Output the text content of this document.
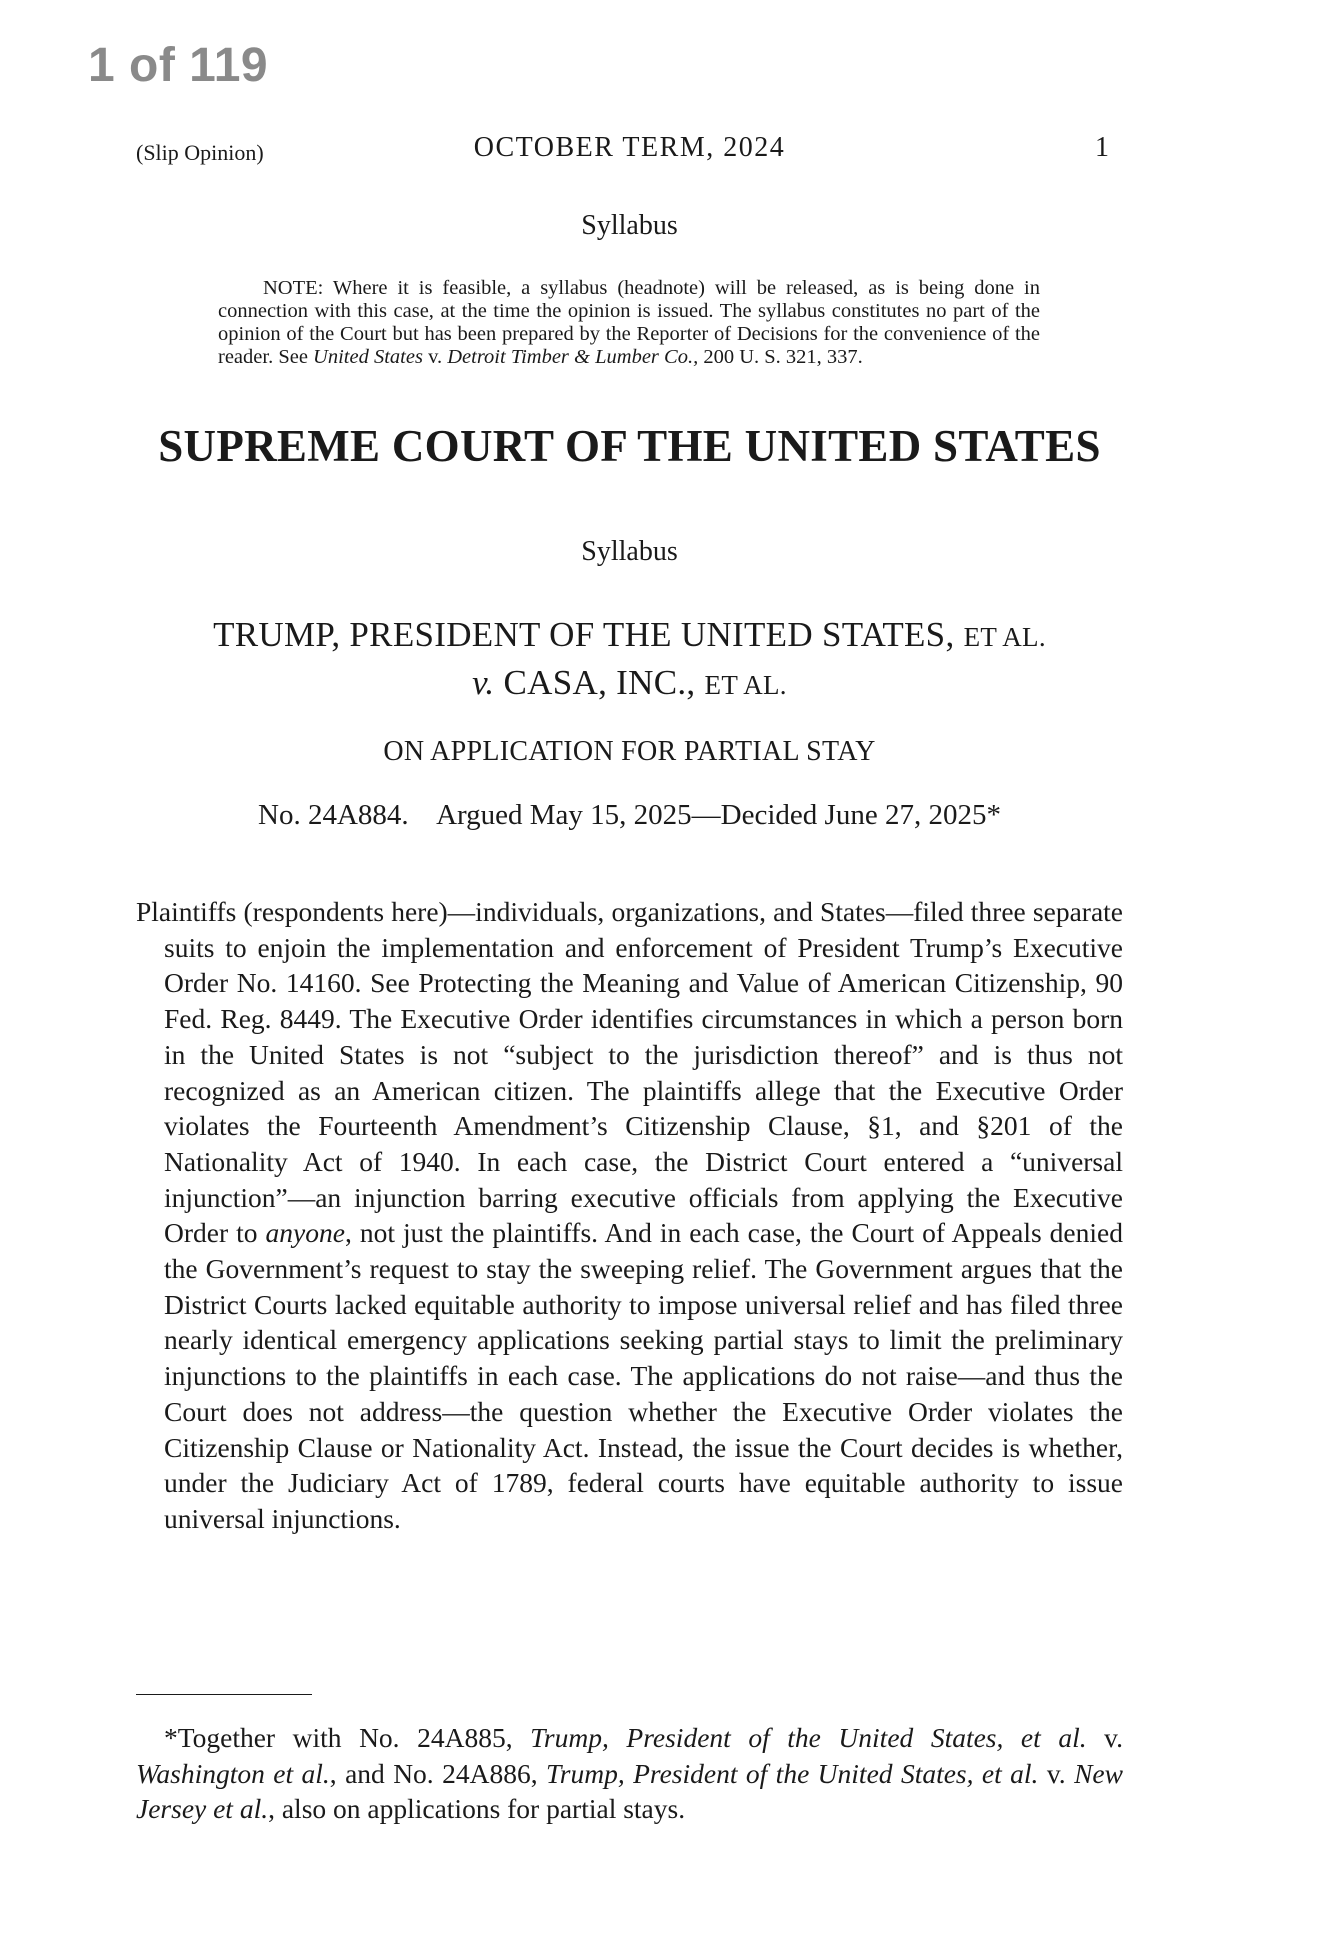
1 of 119
(Slip Opinion)	OCTOBER TERM, 2024	1
Syllabus
NOTE: Where it is feasible, a syllabus (headnote) will be released, as is being done in connection with this case, at the time the opinion is issued. The syllabus constitutes no part of the opinion of the Court but has been prepared by the Reporter of Decisions for the convenience of the reader. See United States v. Detroit Timber & Lumber Co., 200 U. S. 321, 337.
SUPREME COURT OF THE UNITED STATES
Syllabus
TRUMP, PRESIDENT OF THE UNITED STATES, ET AL.
v. CASA, INC., ET AL.
ON APPLICATION FOR PARTIAL STAY
No. 24A884.    Argued May 15, 2025—Decided June 27, 2025*
Plaintiffs (respondents here)—individuals, organizations, and States—filed three separate suits to enjoin the implementation and enforcement of President Trump’s Executive Order No. 14160. See Protecting the Meaning and Value of American Citizenship, 90 Fed. Reg. 8449. The Executive Order identifies circumstances in which a person born in the United States is not “subject to the jurisdiction thereof” and is thus not recognized as an American citizen. The plaintiffs allege that the Executive Order violates the Fourteenth Amendment’s Citizenship Clause, §1, and §201 of the Nationality Act of 1940. In each case, the District Court entered a “universal injunction”—an injunction barring executive officials from applying the Executive Order to anyone, not just the plaintiffs. And in each case, the Court of Appeals denied the Government’s request to stay the sweeping relief. The Government argues that the District Courts lacked equitable authority to impose universal relief and has filed three nearly identical emergency applications seeking partial stays to limit the preliminary injunctions to the plaintiffs in each case. The applications do not raise—and thus the Court does not address—the question whether the Executive Order violates the Citizenship Clause or Nationality Act. Instead, the issue the Court decides is whether, under the Judiciary Act of 1789, federal courts have equitable authority to issue universal injunctions.
*Together with No. 24A885, Trump, President of the United States, et al. v. Washington et al., and No. 24A886, Trump, President of the United States, et al. v. New Jersey et al., also on applications for partial stays.
